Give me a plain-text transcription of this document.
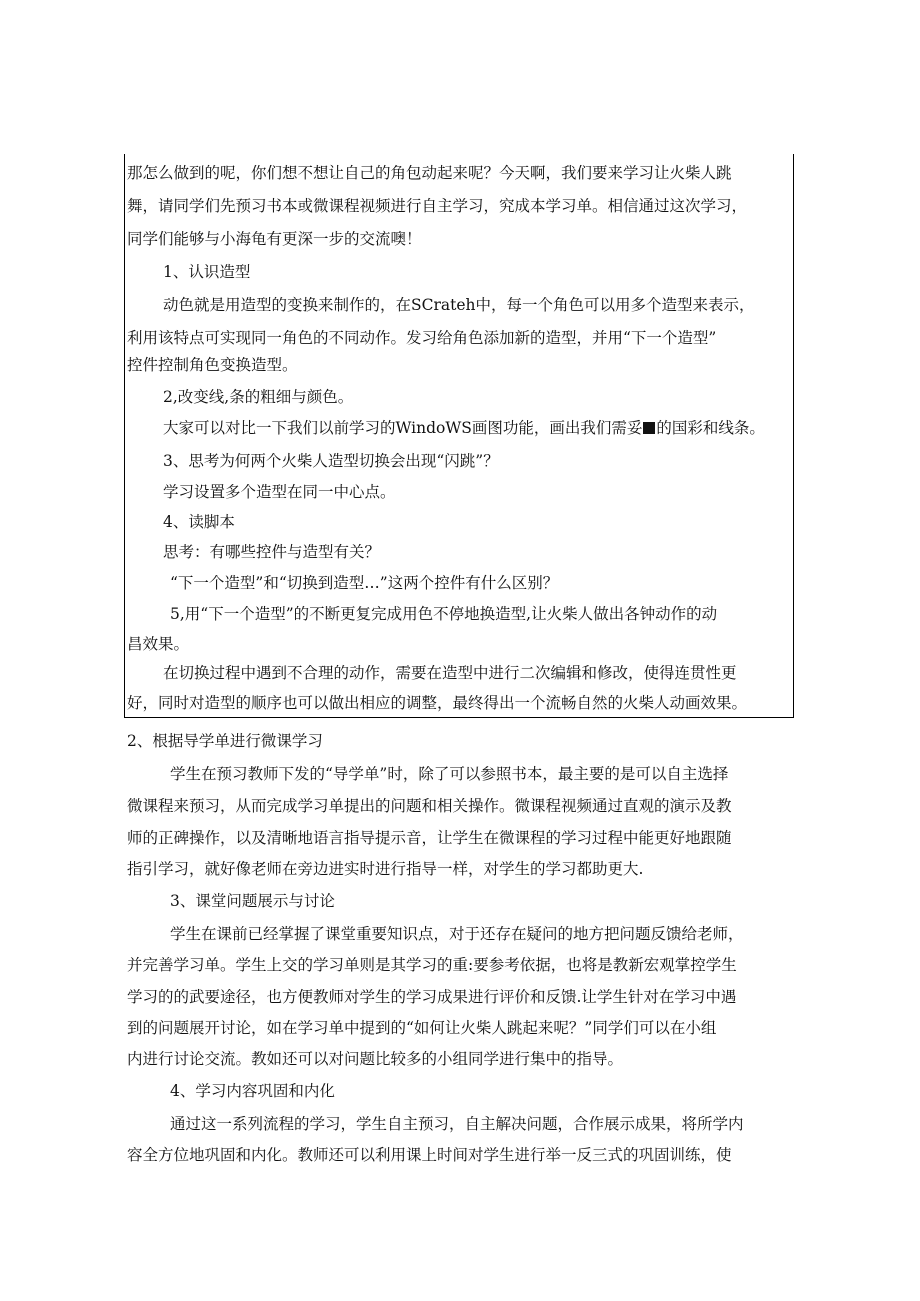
那怎么做到的呢，你们想不想让自己的角包动起来呢？今天啊，我们要来学习让火柴人跳
舞，请同学们先预习书本或微课程视频进行自主学习，究成本学习单。相信通过这次学习，
同学们能够与小海龟有更深一步的交流噢！
1、认识造型
动色就是用造型的变换来制作的，在SCrateh中，每一个角色可以用多个造型来表示，
利用该特点可实现同一角色的不同动作。发习给角色添加新的造型，并用“下一个造型”
控件控制角色变换造型。
2,改变线,条的粗细与颜色。
大家可以对比一下我们以前学习的WindoWS画图功能，画出我们需妥 的国彩和线条。
3、思考为何两个火柴人造型切换会出现“闪跳”？
学习设置多个造型在同一中心点。
4、读脚本
思考：有哪些控件与造型有关？
“下一个造型”和“切换到造型…”这两个控件有什么区别？
5,用“下一个造型”的不断更复完成用色不停地换造型,让火柴人做出各钟动作的动
昌效果。
在切换过程中遇到不合理的动作，需要在造型中进行二次编辑和修改，使得连贯性更
好，同时对造型的顺序也可以做出相应的调整，最终得出一个流畅自然的火柴人动画效果。
2、根据导学单进行微课学习
学生在预习教师下发的“导学单”时，除了可以参照书本，最主要的是可以自主选择
微课程来预习，从而完成学习单提出的问题和相关操作。微课程视频通过直观的演示及教
师的正碑操作，以及清晰地语言指导提示音，让学生在微课程的学习过程中能更好地跟随
指引学习，就好像老师在旁边进实时进行指导一样，对学生的学习都助更大.
3、课堂问题展示与讨论
学生在课前已经掌握了课堂重要知识点，对于还存在疑问的地方把问题反馈给老师，
并完善学习单。学生上交的学习单则是其学习的重:要参考依据，也将是教新宏观掌控学生
学习的的武要途径，也方便教师对学生的学习成果进行评价和反馈.让学生针对在学习中遇
到的问题展开讨论，如在学习单中提到的“如何让火柴人跳起来呢？”同学们可以在小组
内进行讨论交流。教如还可以对问题比较多的小组同学进行集中的指导。
4、学习内容巩固和内化
通过这一系列流程的学习，学生自主预习，自主解决问题，合作展示成果，将所学内
容全方位地巩固和内化。教师还可以利用课上时间对学生进行举一反三式的巩固训练，使
